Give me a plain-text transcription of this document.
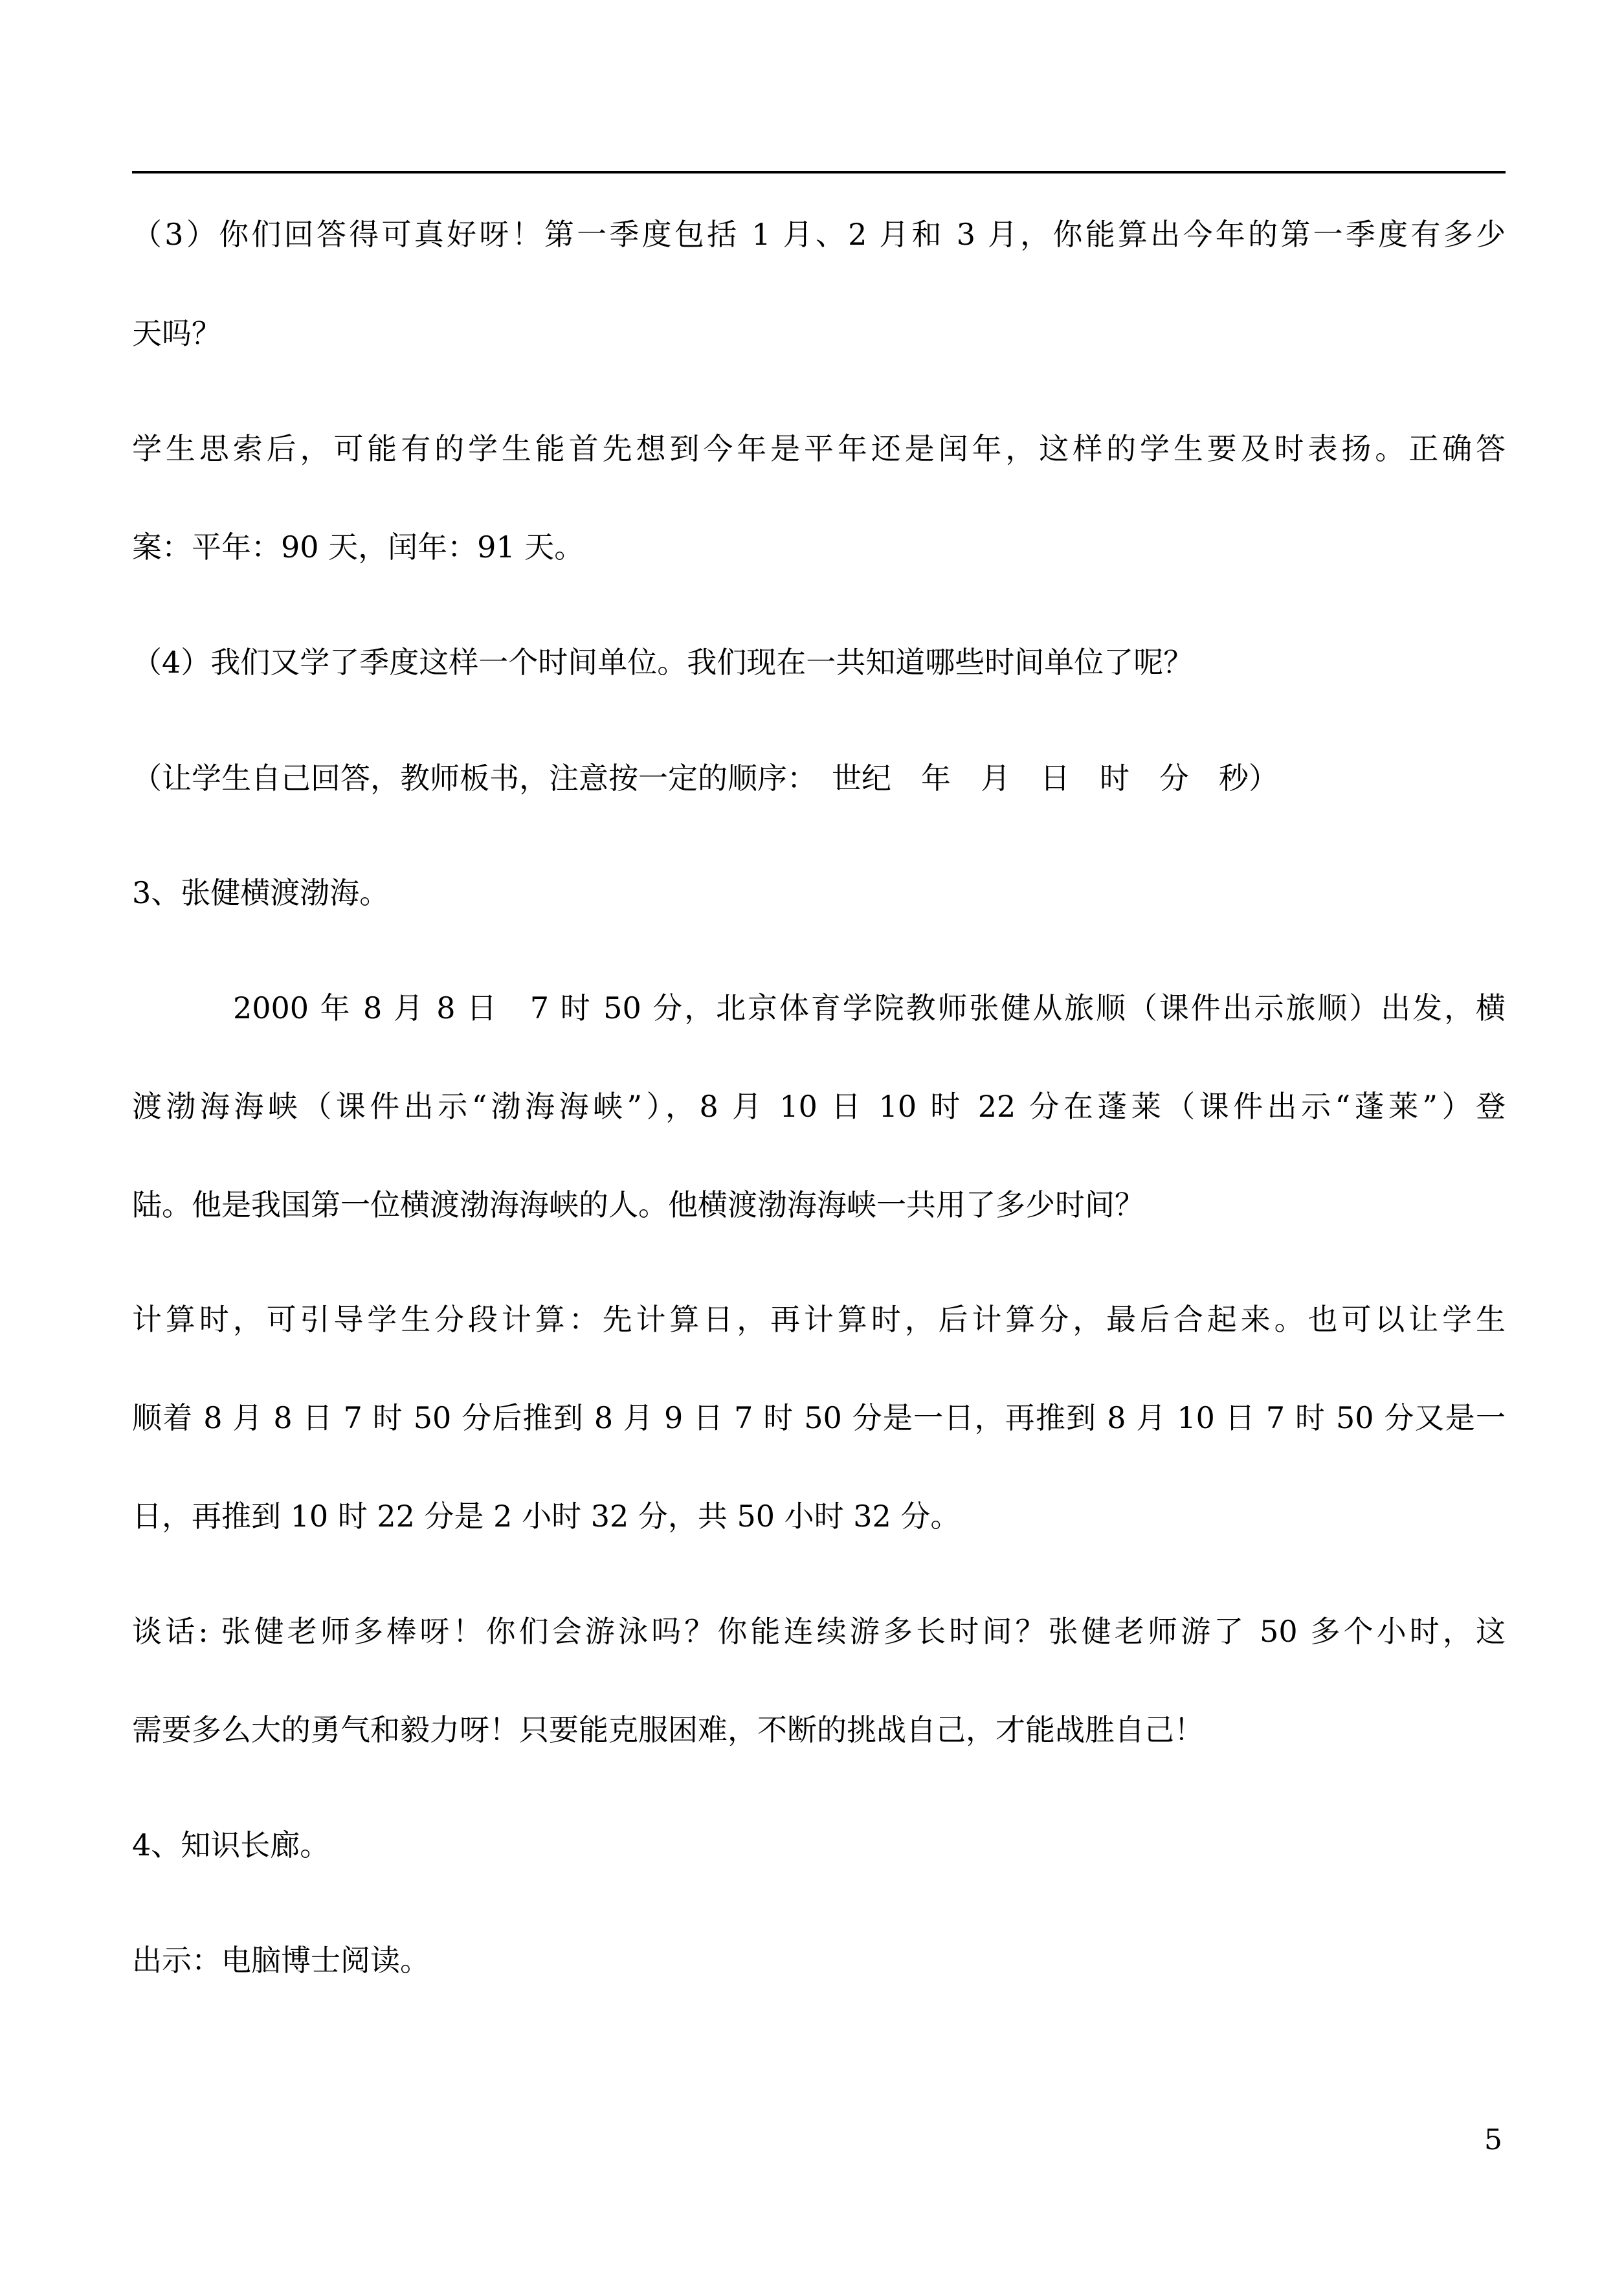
（3）你们回答得可真好呀！第一季度包括 1 月、2 月和 3 月，你能算出今年的第一季度有多少
天吗？
学生思索后，可能有的学生能首先想到今年是平年还是闰年，这样的学生要及时表扬。正确答
案：平年：90 天，闰年：91 天。
（4）我们又学了季度这样一个时间单位。我们现在一共知道哪些时间单位了呢？
（让学生自己回答，教师板书，注意按一定的顺序：　世纪　年　月　日　时　分　秒）
3、张健横渡渤海。
2000 年 8 月 8 日　7 时 50 分，北京体育学院教师张健从旅顺（课件出示旅顺）出发，横
渡渤海海峡（课件出示“渤海海峡”），8 月 10 日 10 时 22 分在蓬莱（课件出示“蓬莱”）登
陆。他是我国第一位横渡渤海海峡的人。他横渡渤海海峡一共用了多少时间？
计算时，可引导学生分段计算：先计算日，再计算时，后计算分，最后合起来。也可以让学生
顺着 8 月 8 日 7 时 50 分后推到 8 月 9 日 7 时 50 分是一日，再推到 8 月 10 日 7 时 50 分又是一
日，再推到 10 时 22 分是 2 小时 32 分，共 50 小时 32 分。
谈话: 张健老师多棒呀！你们会游泳吗？你能连续游多长时间？张健老师游了 50 多个小时，这
需要多么大的勇气和毅力呀！只要能克服困难，不断的挑战自己，才能战胜自己！
4、知识长廊。
出示：电脑博士阅读。
5
